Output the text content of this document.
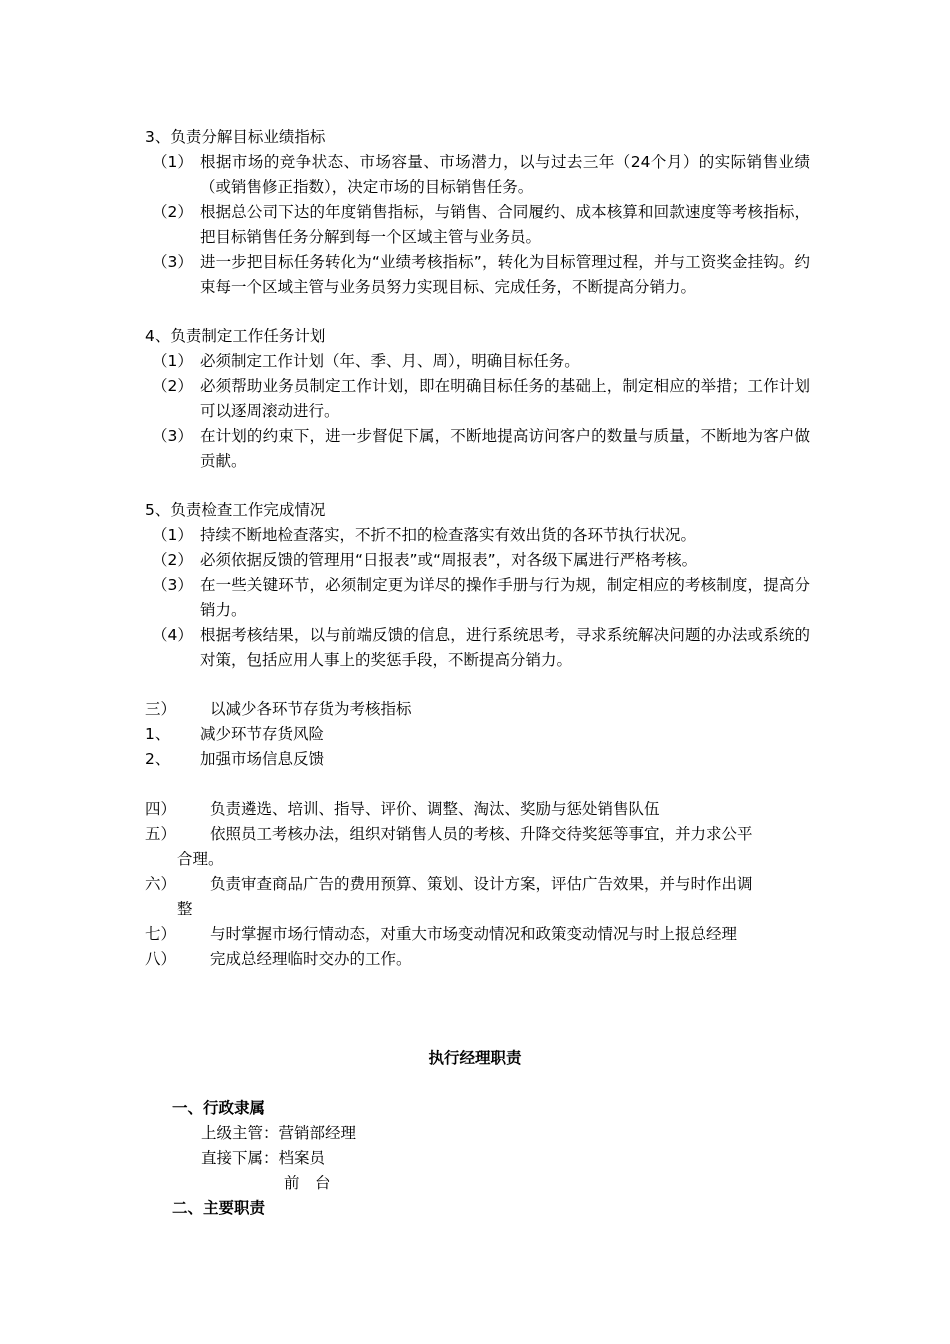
3、负责分解目标业绩指标
（1） 根据市场的竞争状态、市场容量、市场潜力，以与过去三年（24个月）的实际销售业绩（或销售修正指数），决定市场的目标销售任务。
（2） 根据总公司下达的年度销售指标，与销售、合同履约、成本核算和回款速度等考核指标，把目标销售任务分解到每一个区域主管与业务员。
（3） 进一步把目标任务转化为“业绩考核指标”，转化为目标管理过程，并与工资奖金挂钩。约束每一个区域主管与业务员努力实现目标、完成任务，不断提高分销力。
4、负责制定工作任务计划
（1） 必须制定工作计划（年、季、月、周），明确目标任务。
（2） 必须帮助业务员制定工作计划，即在明确目标任务的基础上，制定相应的举措；工作计划可以逐周滚动进行。
（3） 在计划的约束下，进一步督促下属，不断地提高访问客户的数量与质量，不断地为客户做贡献。
5、负责检查工作完成情况
（1） 持续不断地检查落实，不折不扣的检查落实有效出货的各环节执行状况。
（2） 必须依据反馈的管理用“日报表”或“周报表”，对各级下属进行严格考核。
（3） 在一些关键环节，必须制定更为详尽的操作手册与行为规，制定相应的考核制度，提高分销力。
（4） 根据考核结果，以与前端反馈的信息，进行系统思考，寻求系统解决问题的办法或系统的对策，包括应用人事上的奖惩手段，不断提高分销力。
三）	以减少各环节存货为考核指标
1、	减少环节存货风险
2、	加强市场信息反馈
四）	负责遴选、培训、指导、评价、调整、淘汰、奖励与惩处销售队伍
五）	依照员工考核办法，组织对销售人员的考核、升降交待奖惩等事宜，并力求公平
合理。
六）	负责审查商品广告的费用预算、策划、设计方案，评估广告效果，并与时作出调
整
七）	与时掌握市场行情动态，对重大市场变动情况和政策变动情况与时上报总经理
八）	完成总经理临时交办的工作。
执行经理职责
一、行政隶属
上级主管：营销部经理
直接下属：档案员
前　台
二、主要职责
